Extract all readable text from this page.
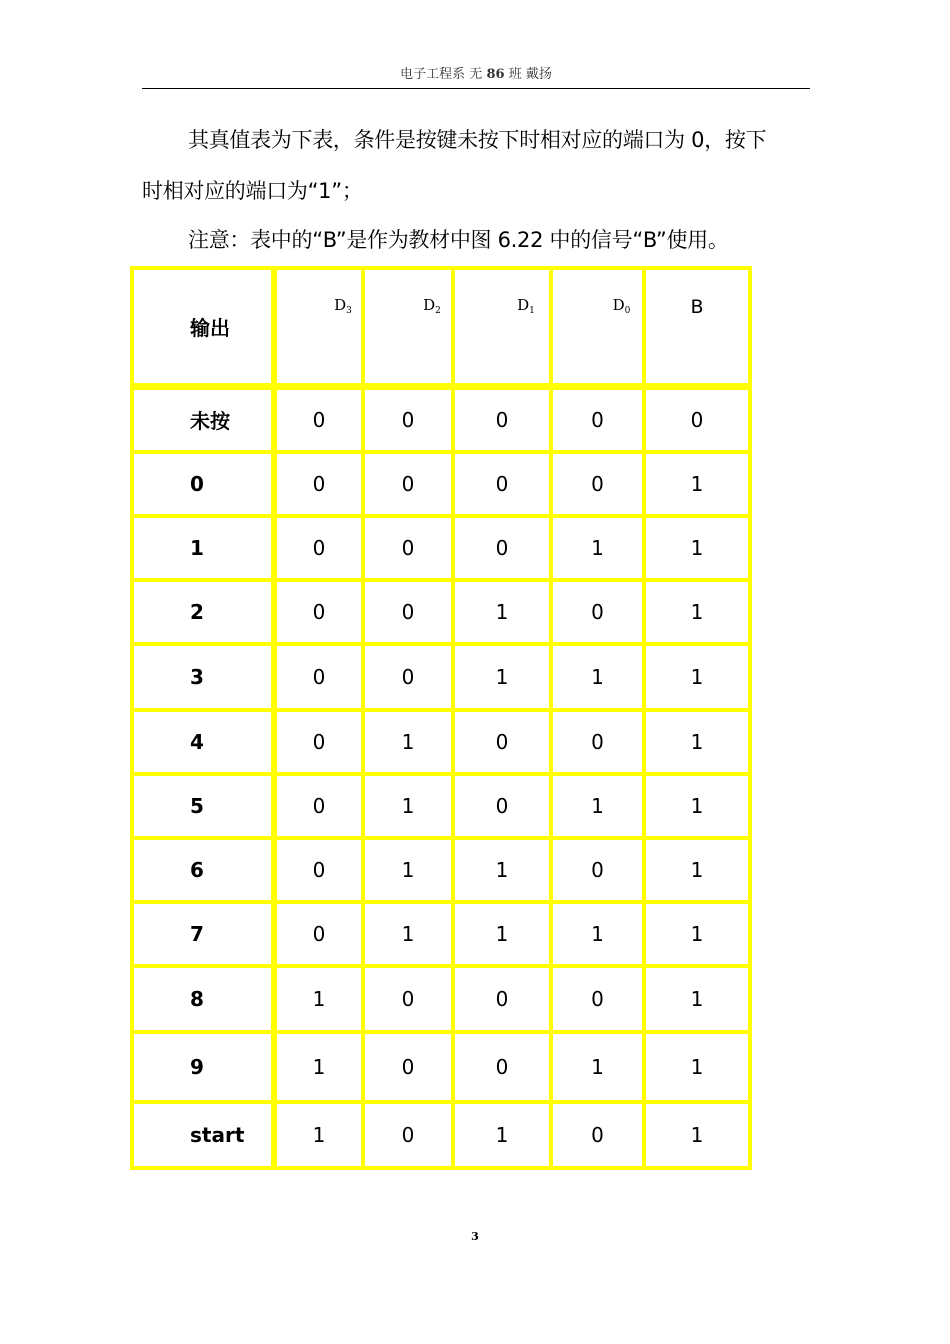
电子工程系 无 86 班 戴扬
其真值表为下表，条件是按键未按下时相对应的端口为 0，按下
时相对应的端口为“1”；
注意：表中的“B”是作为教材中图 6.22 中的信号“B”使用。
输出	$D_3$	$D_2$	$D_1$	$D_0$	B
未按	0	0	0	0	0
0	0	0	0	0	1
1	0	0	0	1	1
2	0	0	1	0	1
3	0	0	1	1	1
4	0	1	0	0	1
5	0	1	0	1	1
6	0	1	1	0	1
7	0	1	1	1	1
8	1	0	0	0	1
9	1	0	0	1	1
start	1	0	1	0	1
3
